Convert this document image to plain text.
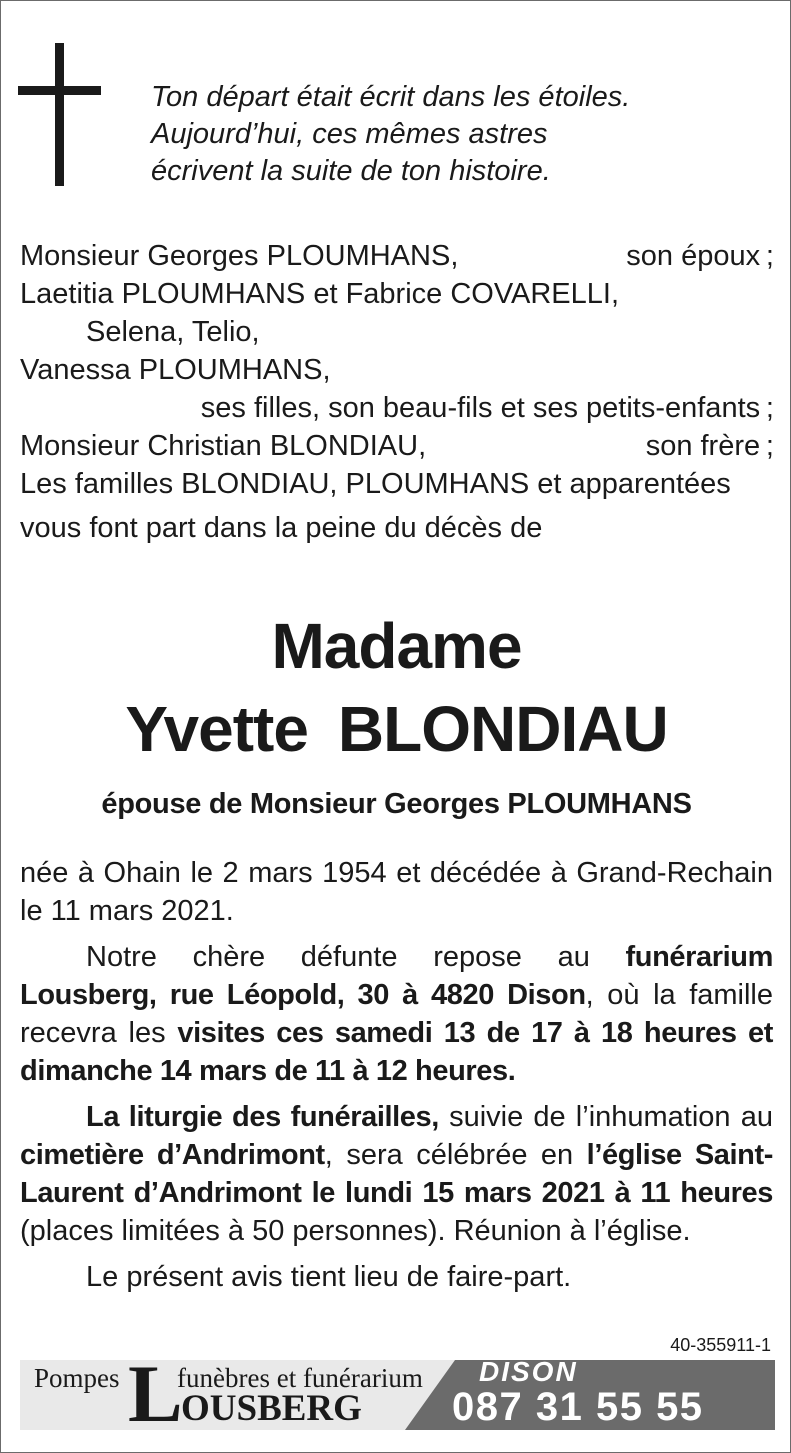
Ton départ était écrit dans les étoiles.
Aujourd’hui, ces mêmes astres
écrivent la suite de ton histoire.
Monsieur Georges PLOUMHANS,	son époux ;
Laetitia PLOUMHANS et Fabrice COVARELLI,
Selena, Telio,
Vanessa PLOUMHANS,
ses filles, son beau-fils et ses petits-enfants ;
Monsieur Christian BLONDIAU,	son frère ;
Les familles BLONDIAU, PLOUMHANS et apparentées
vous font part dans la peine du décès de
Madame
Yvette BLONDIAU
épouse de Monsieur Georges PLOUMHANS

née à Ohain le 2 mars 1954 et décédée à Grand-Rechain le 11 mars 2021.

Notre chère défunte repose au funérarium Lousberg, rue Léopold, 30 à 4820 Dison, où la famille recevra les visites ces samedi 13 de 17 à 18 heures et dimanche 14 mars de 11 à 12 heures.

La liturgie des funérailles, suivie de l’inhumation au cimetière d’Andrimont, sera célébrée en l’église Saint-Laurent d’Andrimont le lundi 15 mars 2021 à 11 heures (places limitées à 50 personnes). Réunion à l’église.

Le présent avis tient lieu de faire-part.

40-355911-1
Pompes L
funèbres et funérarium
OUSBERG
DISON
087 31 55 55
